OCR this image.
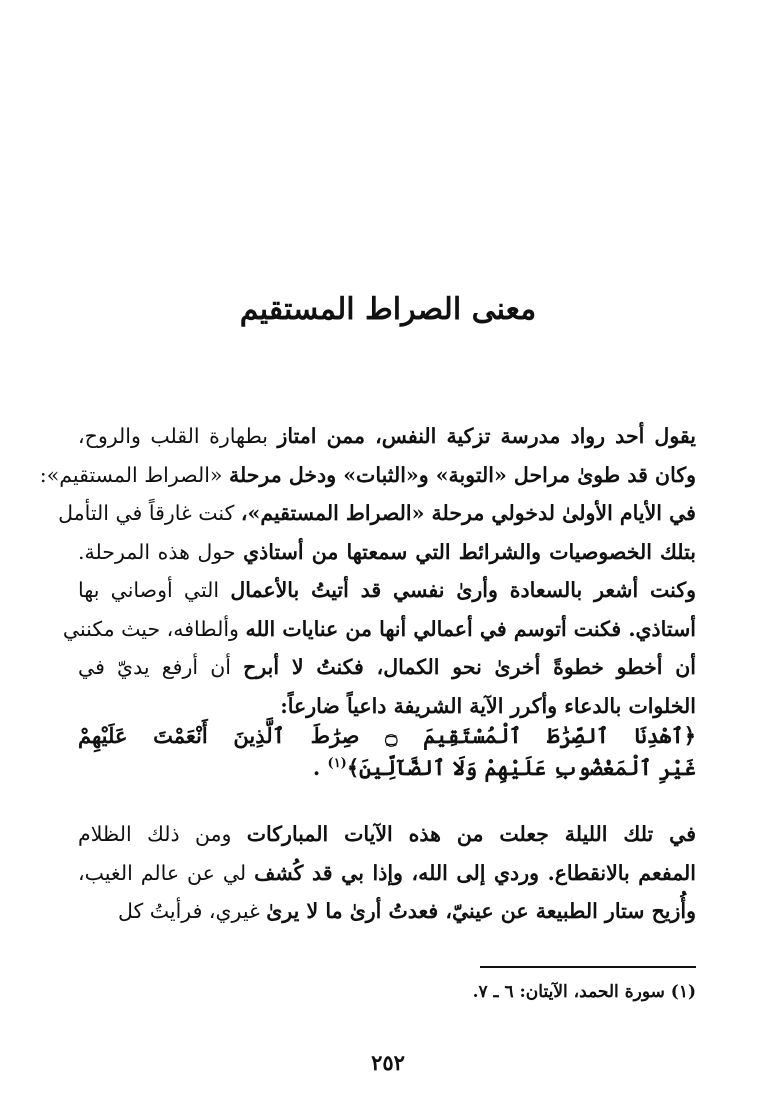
معنى الصراط المستقيم
يقول أحد رواد مدرسة تزكية النفس، ممن امتاز بطهارة القلب والروح،
وكان قد طوىٰ مراحل «التوبة» و«الثبات» ودخل مرحلة «الصراط المستقيم»:
في الأيام الأولىٰ لدخولي مرحلة «الصراط المستقيم»، كنت غارقاً في التأمل
بتلك الخصوصيات والشرائط التي سمعتها من أستاذي حول هذه المرحلة.
وكنت أشعر بالسعادة وأرىٰ نفسي قد أتيتُ بالأعمال التي أوصاني بها
أستاذي. فكنت أتوسم في أعمالي أنها من عنايات الله وألطافه، حيث مكنني
أن أخطو خطوةً أخرىٰ نحو الكمال، فكنتُ لا أبرح أن أرفع يديّ في
الخلوات بالدعاء وأكرر الآية الشريفة داعياً ضارعاً:
﴿ٱهْدِنَا ٱلصِّرَٰطَ ٱلْمُسْتَقِيمَ ۝ صِرَٰطَ ٱلَّذِينَ أَنْعَمْتَ عَلَيْهِمْ
غَيْرِ ٱلْمَغْضُوبِ عَلَيْهِمْ وَلَا ٱلضَّآلِّينَ﴾$^{(١)}$ .
في تلك الليلة جعلت من هذه الآيات المباركات ومن ذلك الظلام
المفعم بالانقطاع. وردي إلى الله، وإذا بي قد كُشف لي عن عالم الغيب،
وأُزيح ستار الطبيعة عن عينيّ، فعدتُ أرىٰ ما لا يرىٰ غيري، فرأيتُ كل
(١) سورة الحمد، الآيتان: ٦ ـ ٧.
٢٥٢
